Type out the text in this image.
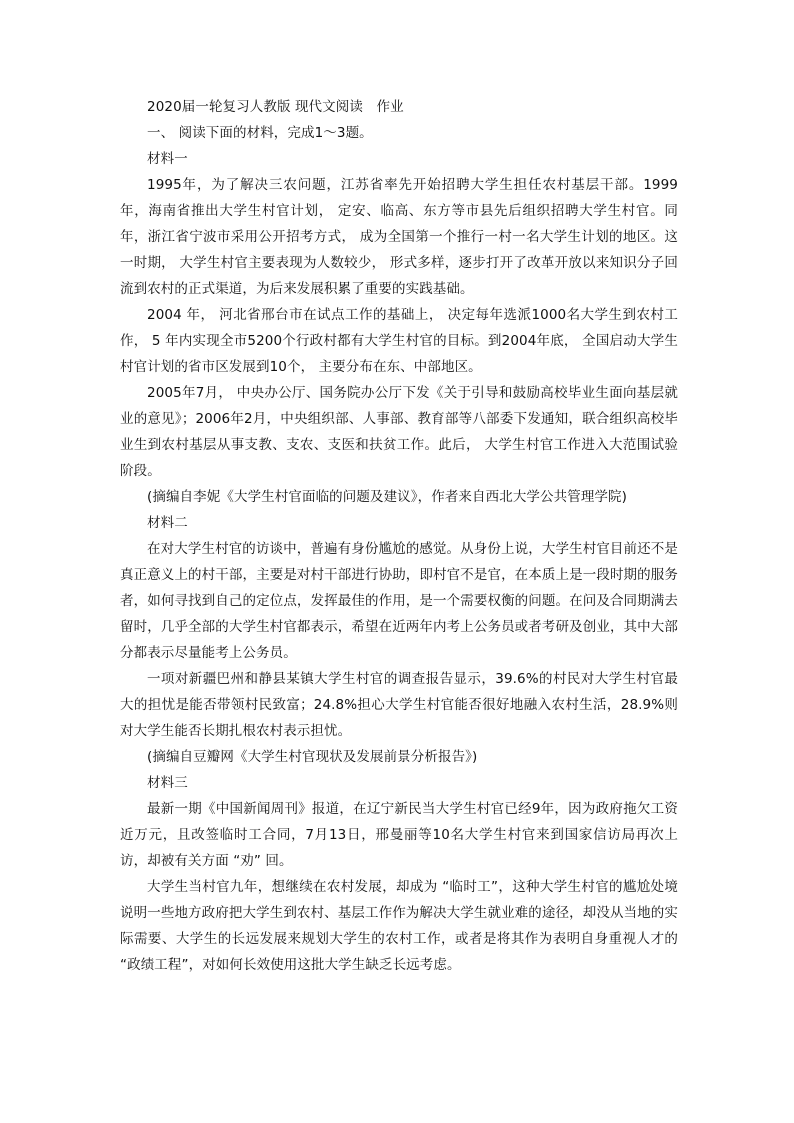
2020届一轮复习人教版 现代文阅读　作业

一、 阅读下面的材料，完成1～3题。

材料一

1995年，为了解决三农问题，江苏省率先开始招聘大学生担任农村基层干部。1999年，海南省推出大学生村官计划， 定安、临高、东方等市县先后组织招聘大学生村官。同年，浙江省宁波市采用公开招考方式， 成为全国第一个推行一村一名大学生计划的地区。这一时期， 大学生村官主要表现为人数较少， 形式多样，逐步打开了改革开放以来知识分子回流到农村的正式渠道，为后来发展积累了重要的实践基础。

2004 年， 河北省邢台市在试点工作的基础上， 决定每年选派1000名大学生到农村工作， 5 年内实现全市5200个行政村都有大学生村官的目标。到2004年底， 全国启动大学生村官计划的省市区发展到10个， 主要分布在东、中部地区。

2005年7月， 中央办公厅、国务院办公厅下发《关于引导和鼓励高校毕业生面向基层就业的意见》；2006年2月，中央组织部、人事部、教育部等八部委下发通知，联合组织高校毕业生到农村基层从事支教、支农、支医和扶贫工作。此后， 大学生村官工作进入大范围试验阶段。

(摘编自李妮《大学生村官面临的问题及建议》，作者来自西北大学公共管理学院)

材料二

在对大学生村官的访谈中，普遍有身份尴尬的感觉。从身份上说，大学生村官目前还不是真正意义上的村干部，主要是对村干部进行协助，即村官不是官，在本质上是一段时期的服务者，如何寻找到自己的定位点，发挥最佳的作用，是一个需要权衡的问题。在问及合同期满去留时，几乎全部的大学生村官都表示，希望在近两年内考上公务员或者考研及创业，其中大部分都表示尽量能考上公务员。

一项对新疆巴州和静县某镇大学生村官的调查报告显示，39.6%的村民对大学生村官最大的担忧是能否带领村民致富；24.8%担心大学生村官能否很好地融入农村生活，28.9%则对大学生能否长期扎根农村表示担忧。

(摘编自豆瓣网《大学生村官现状及发展前景分析报告》)

材料三

最新一期《中国新闻周刊》报道，在辽宁新民当大学生村官已经9年，因为政府拖欠工资近万元，且改签临时工合同，7月13日，邢曼丽等10名大学生村官来到国家信访局再次上访，却被有关方面 “劝” 回。

大学生当村官九年，想继续在农村发展，却成为 “临时工”，这种大学生村官的尴尬处境说明一些地方政府把大学生到农村、基层工作作为解决大学生就业难的途径，却没从当地的实际需要、大学生的长远发展来规划大学生的农村工作，或者是将其作为表明自身重视人才的 “政绩工程”，对如何长效使用这批大学生缺乏长远考虑。
